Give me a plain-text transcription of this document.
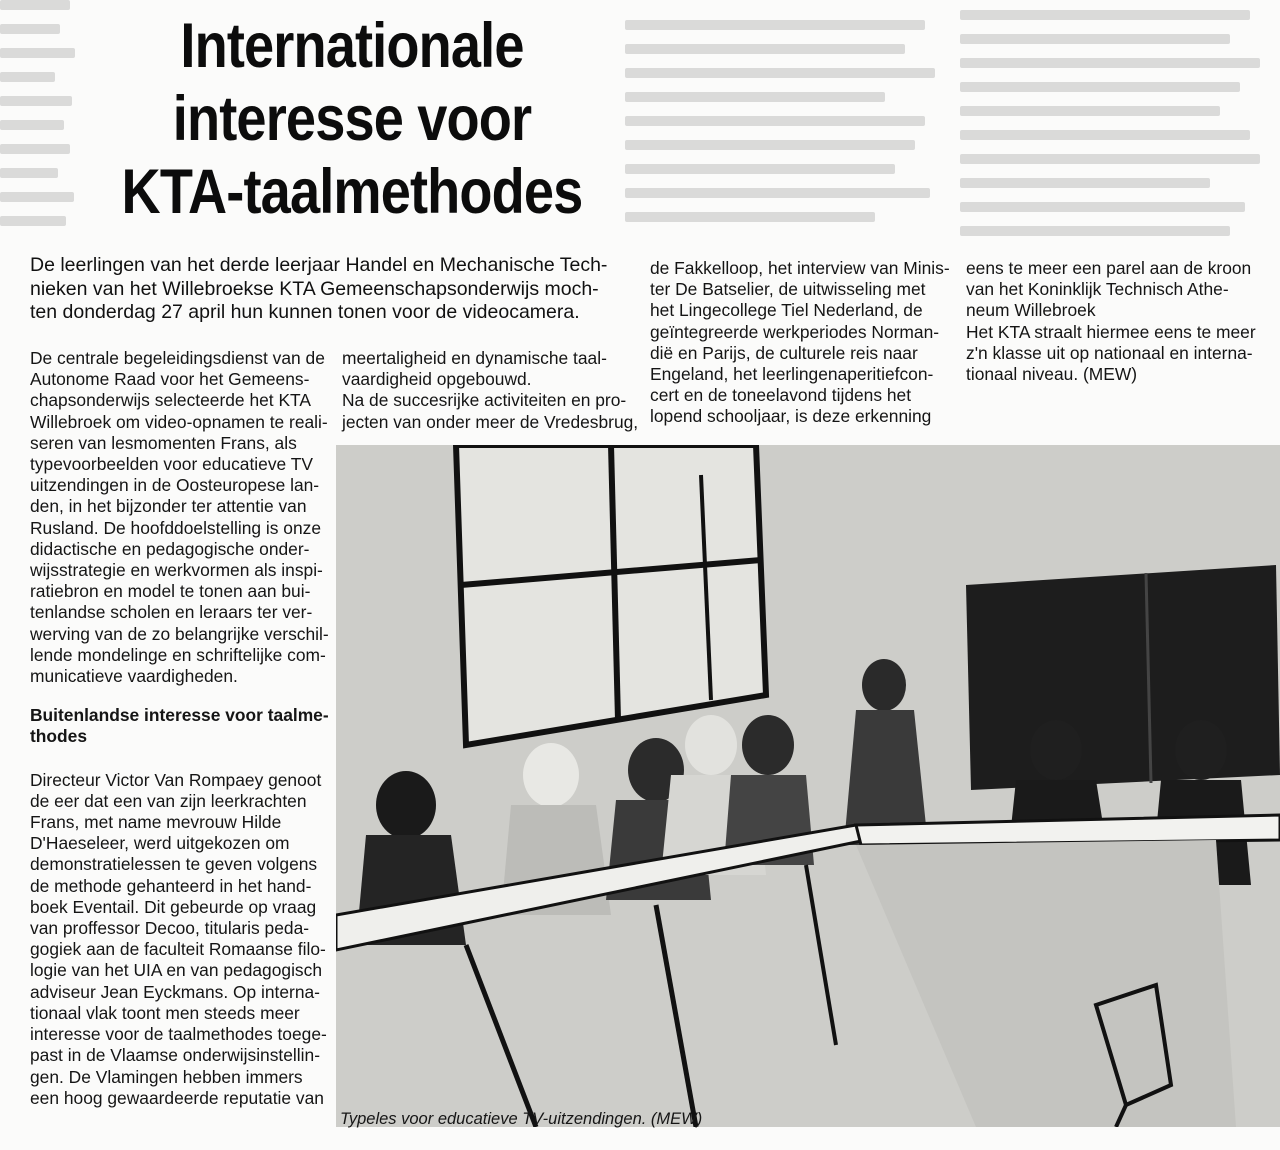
Internationale
interesse voor
KTA-taalmethodes

De leerlingen van het derde leerjaar Handel en Mechanische Tech-
nieken van het Willebroekse KTA Gemeenschapsonderwijs moch-
ten donderdag 27 april hun kunnen tonen voor de videocamera.

de Fakkelloop, het interview van Minis-
ter De Batselier, de uitwisseling met
het Lingecollege Tiel Nederland, de
geïntegreerde werkperiodes Norman-
dië en Parijs, de culturele reis naar
Engeland, het leerlingenaperitiefcon-
cert en de toneelavond tijdens het
lopend schooljaar, is deze erkenning

eens te meer een parel aan de kroon
van het Koninklijk Technisch Athe-
neum Willebroek
Het KTA straalt hiermee eens te meer
z'n klasse uit op nationaal en interna-
tionaal niveau. (MEW)

De centrale begeleidingsdienst van de
Autonome Raad voor het Gemeens-
chapsonderwijs selecteerde het KTA
Willebroek om video-opnamen te reali-
seren van lesmomenten Frans, als
typevoorbeelden voor educatieve TV
uitzendingen in de Oosteuropese lan-
den, in het bijzonder ter attentie van
Rusland. De hoofddoelstelling is onze
didactische en pedagogische onder-
wijsstrategie en werkvormen als inspi-
ratiebron en model te tonen aan bui-
tenlandse scholen en leraars ter ver-
werving van de zo belangrijke verschil-
lende mondelinge en schriftelijke com-
municatieve vaardigheden.

Buitenlandse interesse voor taalme-
thodes

Directeur Victor Van Rompaey genoot
de eer dat een van zijn leerkrachten
Frans, met name mevrouw Hilde
D'Haeseleer, werd uitgekozen om
demonstratielessen te geven volgens
de methode gehanteerd in het hand-
boek Eventail. Dit gebeurde op vraag
van proffessor Decoo, titularis peda-
gogiek aan de faculteit Romaanse filo-
logie van het UIA en van pedagogisch
adviseur Jean Eyckmans. Op interna-
tionaal vlak toont men steeds meer
interesse voor de taalmethodes toege-
past in de Vlaamse onderwijsinstellin-
gen. De Vlamingen hebben immers
een hoog gewaardeerde reputatie van

meertaligheid en dynamische taal-
vaardigheid opgebouwd.
Na de succesrijke activiteiten en pro-
jecten van onder meer de Vredesbrug,

Typeles voor educatieve TV-uitzendingen. (MEW)
